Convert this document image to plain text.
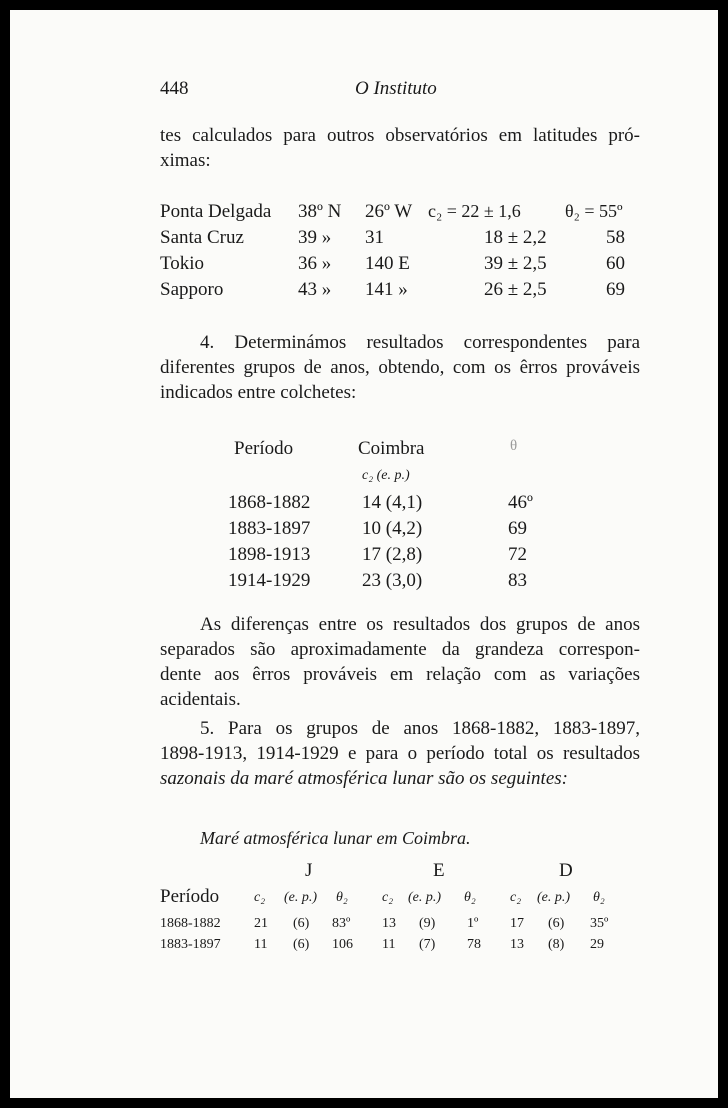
448	O Instituto
tes calculados para outros observatórios em latitudes pró-
ximas:
Ponta Delgada 38º N 26º W c₂ = 22 ± 1,6 θ₂ = 55º
Santa Cruz	39 » 31	18 ± 2,2	58
Tokio	36 » 140 E	39 ± 2,5	60
Sapporo	43 » 141 »	26 ± 2,5	69
4. Determinámos resultados correspondentes para
diferentes grupos de anos, obtendo, com os êrros prováveis
indicados entre colchetes:
Período	Coimbra	θ
c₂ (e. p.)
1868-1882	14 (4,1)	46º
1883-1897	10 (4,2)	69
1898-1913	17 (2,8)	72
1914-1929	23 (3,0)	83
As diferenças entre os resultados dos grupos de anos
separados são aproximadamente da grandeza correspon-
dente aos êrros prováveis em relação com as variações
acidentais.
5. Para os grupos de anos 1868-1882, 1883-1897,
1898-1913, 1914-1929 e para o período total os resultados
sazonais da maré atmosférica lunar são os seguintes:
Maré atmosférica lunar em Coimbra.
J	E	D
Período c₂ (e. p.) θ₂ c₂ (e. p.) θ₂ c₂ (e. p.) θ₂
1868-1882 21 (6) 83º 13 (9) 1º 17 (6) 35º
1883-1897 11 (6) 106 11 (7) 78 13 (8) 29
